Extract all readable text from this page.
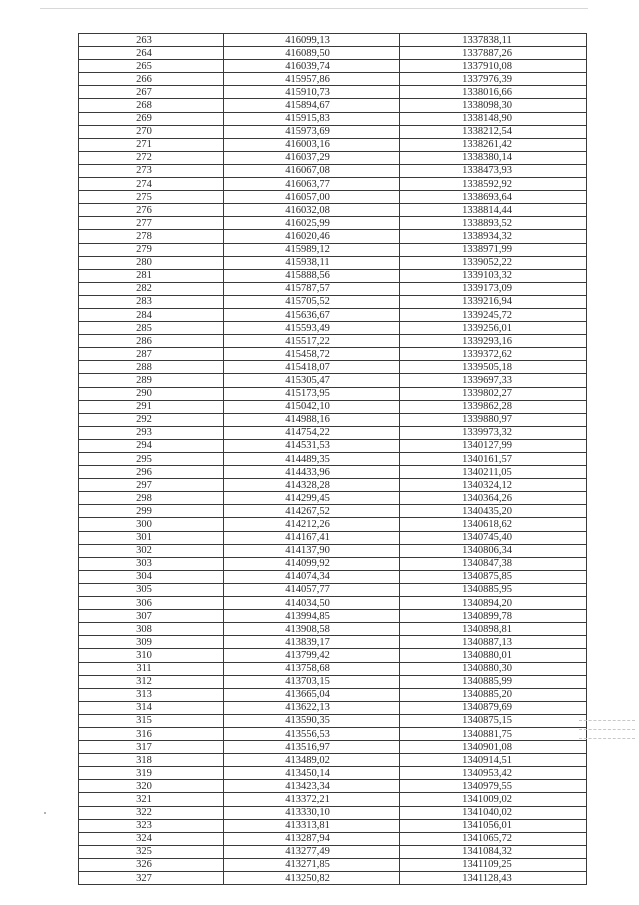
263	416099,13	1337838,11
264	416089,50	1337887,26
265	416039,74	1337910,08
266	415957,86	1337976,39
267	415910,73	1338016,66
268	415894,67	1338098,30
269	415915,83	1338148,90
270	415973,69	1338212,54
271	416003,16	1338261,42
272	416037,29	1338380,14
273	416067,08	1338473,93
274	416063,77	1338592,92
275	416057,00	1338693,64
276	416032,08	1338814,44
277	416025,99	1338893,52
278	416020,46	1338934,32
279	415989,12	1338971,99
280	415938,11	1339052,22
281	415888,56	1339103,32
282	415787,57	1339173,09
283	415705,52	1339216,94
284	415636,67	1339245,72
285	415593,49	1339256,01
286	415517,22	1339293,16
287	415458,72	1339372,62
288	415418,07	1339505,18
289	415305,47	1339697,33
290	415173,95	1339802,27
291	415042,10	1339862,28
292	414988,16	1339880,97
293	414754,22	1339973,32
294	414531,53	1340127,99
295	414489,35	1340161,57
296	414433,96	1340211,05
297	414328,28	1340324,12
298	414299,45	1340364,26
299	414267,52	1340435,20
300	414212,26	1340618,62
301	414167,41	1340745,40
302	414137,90	1340806,34
303	414099,92	1340847,38
304	414074,34	1340875,85
305	414057,77	1340885,95
306	414034,50	1340894,20
307	413994,85	1340899,78
308	413908,58	1340898,81
309	413839,17	1340887,13
310	413799,42	1340880,01
311	413758,68	1340880,30
312	413703,15	1340885,99
313	413665,04	1340885,20
314	413622,13	1340879,69
315	413590,35	1340875,15
316	413556,53	1340881,75
317	413516,97	1340901,08
318	413489,02	1340914,51
319	413450,14	1340953,42
320	413423,34	1340979,55
321	413372,21	1341009,02
322	413330,10	1341040,02
323	413313,81	1341056,01
324	413287,94	1341065,72
325	413277,49	1341084,32
326	413271,85	1341109,25
327	413250,82	1341128,43
